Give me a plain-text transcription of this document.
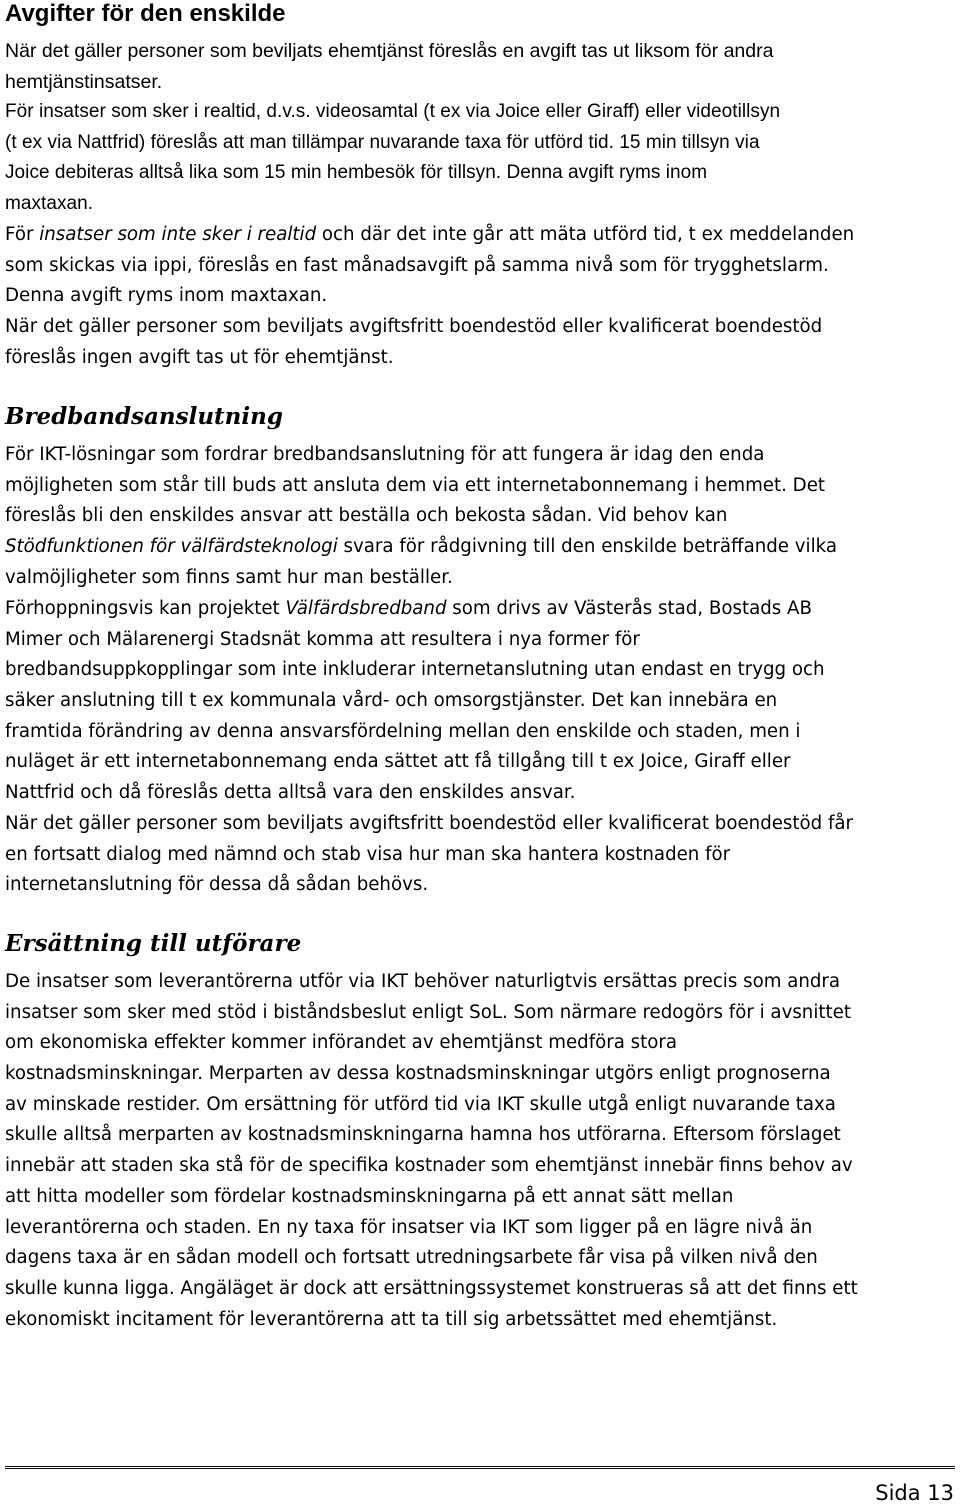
Avgifter för den enskilde
När det gäller personer som beviljats ehemtjänst föreslås en avgift tas ut liksom för andra
hemtjänstinsatser.
För insatser som sker i realtid, d.v.s. videosamtal (t ex via Joice eller Giraff) eller videotillsyn
(t ex via Nattfrid) föreslås att man tillämpar nuvarande taxa för utförd tid. 15 min tillsyn via
Joice debiteras alltså lika som 15 min hembesök för tillsyn. Denna avgift ryms inom
maxtaxan.
För insatser som inte sker i realtid och där det inte går att mäta utförd tid, t ex meddelanden
som skickas via ippi, föreslås en fast månadsavgift på samma nivå som för trygghetslarm.
Denna avgift ryms inom maxtaxan.
När det gäller personer som beviljats avgiftsfritt boendestöd eller kvalificerat boendestöd
föreslås ingen avgift tas ut för ehemtjänst.
Bredbandsanslutning
För IKT-lösningar som fordrar bredbandsanslutning för att fungera är idag den enda
möjligheten som står till buds att ansluta dem via ett internetabonnemang i hemmet. Det
föreslås bli den enskildes ansvar att beställa och bekosta sådan. Vid behov kan
Stödfunktionen för välfärdsteknologi svara för rådgivning till den enskilde beträffande vilka
valmöjligheter som finns samt hur man beställer.
Förhoppningsvis kan projektet Välfärdsbredband som drivs av Västerås stad, Bostads AB
Mimer och Mälarenergi Stadsnät komma att resultera i nya former för
bredbandsuppkopplingar som inte inkluderar internetanslutning utan endast en trygg och
säker anslutning till t ex kommunala vård- och omsorgstjänster. Det kan innebära en
framtida förändring av denna ansvarsfördelning mellan den enskilde och staden, men i
nuläget är ett internetabonnemang enda sättet att få tillgång till t ex Joice, Giraff eller
Nattfrid och då föreslås detta alltså vara den enskildes ansvar.
När det gäller personer som beviljats avgiftsfritt boendestöd eller kvalificerat boendestöd får
en fortsatt dialog med nämnd och stab visa hur man ska hantera kostnaden för
internetanslutning för dessa då sådan behövs.
Ersättning till utförare
De insatser som leverantörerna utför via IKT behöver naturligtvis ersättas precis som andra
insatser som sker med stöd i biståndsbeslut enligt SoL. Som närmare redogörs för i avsnittet
om ekonomiska effekter kommer införandet av ehemtjänst medföra stora
kostnadsminskningar. Merparten av dessa kostnadsminskningar utgörs enligt prognoserna
av minskade restider. Om ersättning för utförd tid via IKT skulle utgå enligt nuvarande taxa
skulle alltså merparten av kostnadsminskningarna hamna hos utförarna. Eftersom förslaget
innebär att staden ska stå för de specifika kostnader som ehemtjänst innebär finns behov av
att hitta modeller som fördelar kostnadsminskningarna på ett annat sätt mellan
leverantörerna och staden. En ny taxa för insatser via IKT som ligger på en lägre nivå än
dagens taxa är en sådan modell och fortsatt utredningsarbete får visa på vilken nivå den
skulle kunna ligga. Angäläget är dock att ersättningssystemet konstrueras så att det finns ett
ekonomiskt incitament för leverantörerna att ta till sig arbetssättet med ehemtjänst.
Sida 13
